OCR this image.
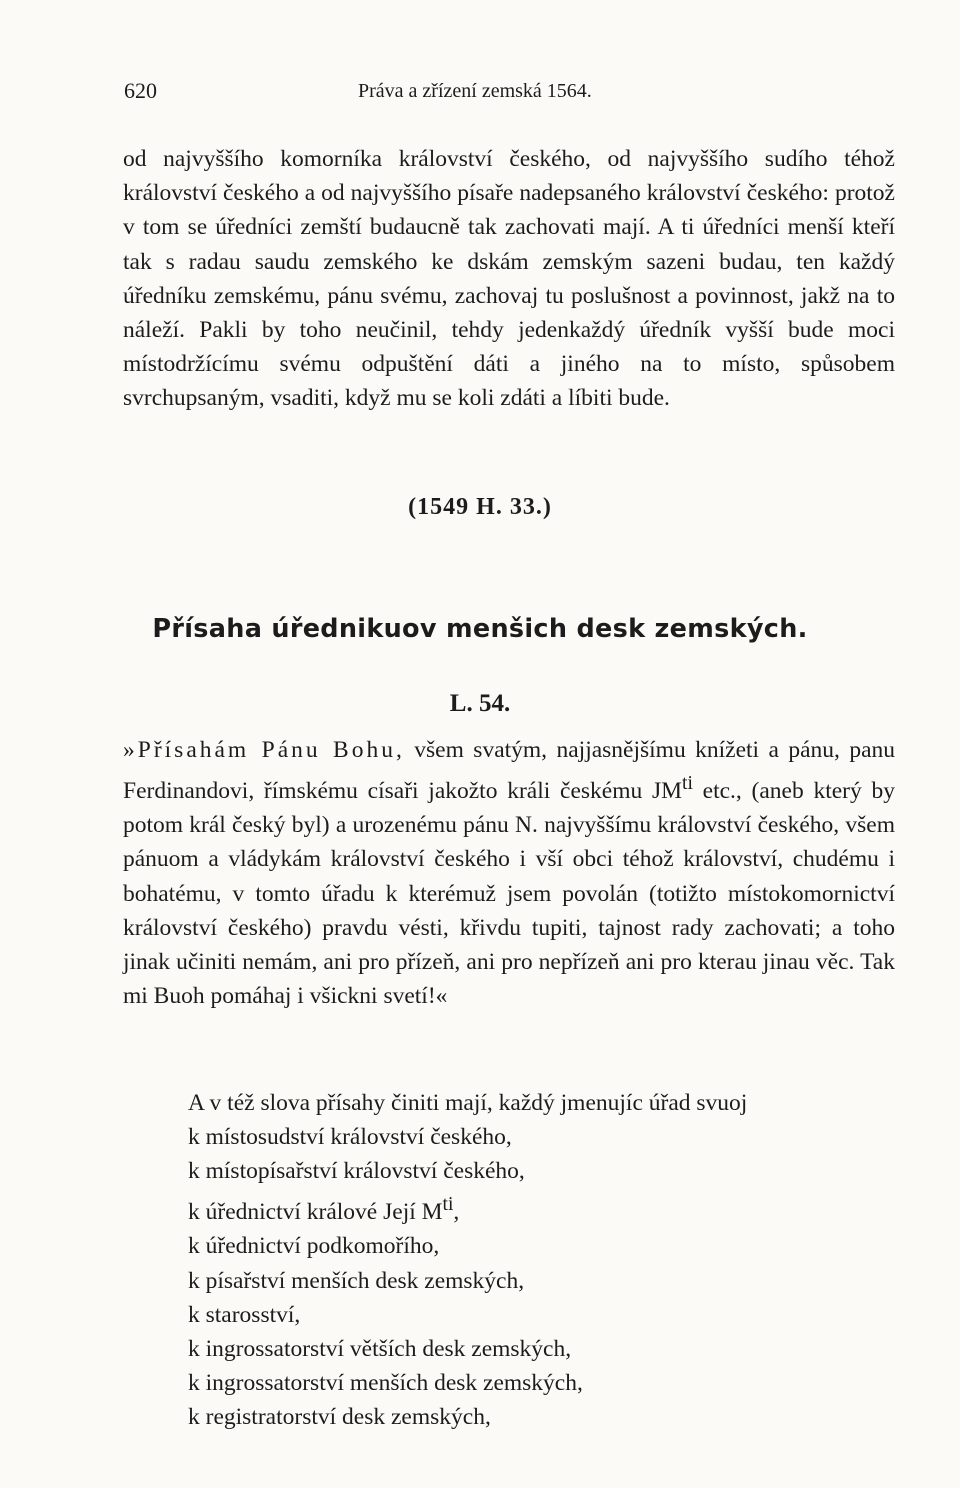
620	Práva a zřízení zemská 1564.

od najvyššího komorníka království českého, od najvyššího sudího téhož království českého a od najvyššího písaře nadepsaného království českého: protož v tom se úředníci zemští budaucně tak zachovati mají. A ti úředníci menší kteří tak s radau saudu zemského ke dskám zemským sazeni budau, ten každý úředníku zemskému, pánu svému, zachovaj tu poslušnost a povinnost, jakž na to náleží. Pakli by toho neučinil, tehdy jedenkaždý úředník vyšší bude moci místodržícímu svému odpuštění dáti a jiného na to místo, spůsobem svrchupsaným, vsaditi, když mu se koli zdáti a líbiti bude.

(1549 H. 33.)
Přísaha úřednikuov menšich desk zemských.
L. 54.

»Přísahám Pánu Bohu, všem svatým, najjasnějšímu knížeti a pánu, panu Ferdinandovi, římskému císaři jakožto králi českému $JM^{ti}$ etc., (aneb který by potom král český byl) a urozenému pánu N. najvyššímu království českého, všem pánuom a vládykám království českého i vší obci téhož království, chudému i bohatému, v tomto úřadu k kterémuž jsem povolán (totižto místokomornictví království českého) pravdu vésti, křivdu tupiti, tajnost rady zachovati; a toho jinak učiniti nemám, ani pro přízeň, ani pro nepřízeň ani pro kterau jinau věc. Tak mi Buoh pomáhaj i všickni svetí!«

A v též slova přísahy činiti mají, každý jmenujíc úřad svuoj
k místosudství království českého,
k místopísařství království českého,
k úřednictví králové Její $M^{ti}$,
k úřednictví podkomořího,
k písařství menších desk zemských,
k starosství,
k ingrossatorství větších desk zemských,
k ingrossatorství menších desk zemských,
k registratorství desk zemských,
